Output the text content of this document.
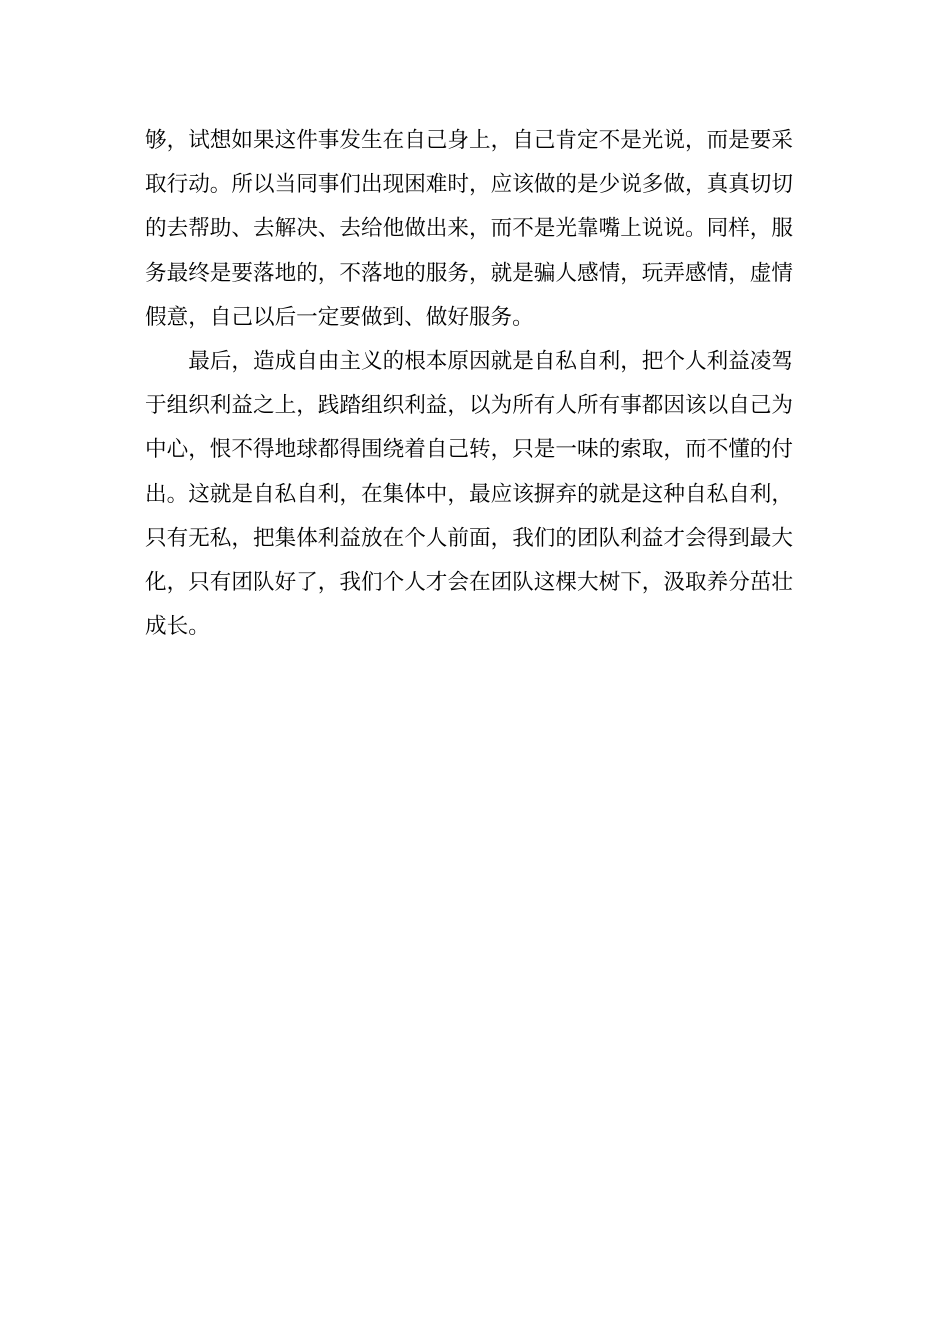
够，试想如果这件事发生在自己身上，自己肯定不是光说，而是要采取行动。所以当同事们出现困难时，应该做的是少说多做，真真切切的去帮助、去解决、去给他做出来，而不是光靠嘴上说说。同样，服务最终是要落地的，不落地的服务，就是骗人感情，玩弄感情，虚情假意，自己以后一定要做到、做好服务。

最后，造成自由主义的根本原因就是自私自利，把个人利益凌驾于组织利益之上，践踏组织利益，以为所有人所有事都因该以自己为中心，恨不得地球都得围绕着自己转，只是一味的索取，而不懂的付出。这就是自私自利，在集体中，最应该摒弃的就是这种自私自利，只有无私，把集体利益放在个人前面，我们的团队利益才会得到最大化，只有团队好了，我们个人才会在团队这棵大树下，汲取养分茁壮成长。
